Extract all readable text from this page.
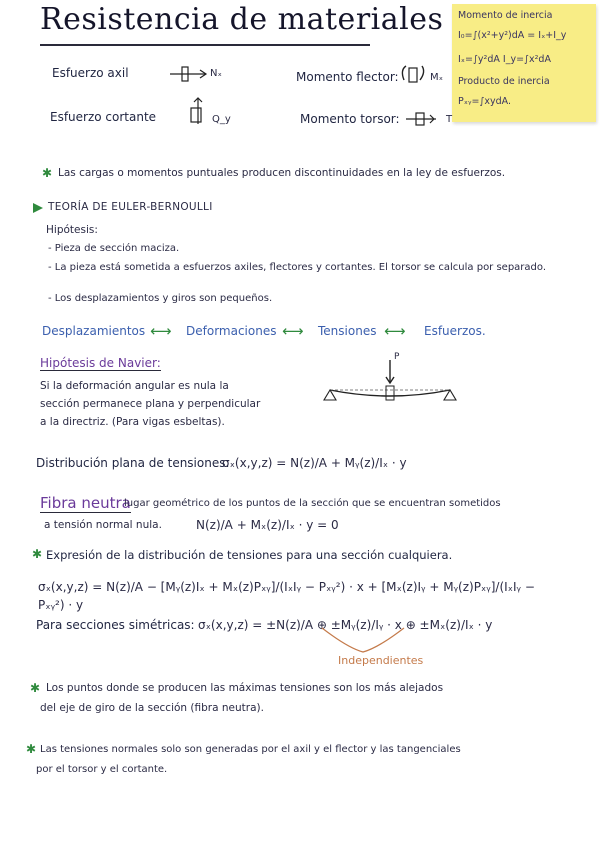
Resistencia de materiales Momento de inercia
I₀=∫(x²+y²)dA = Iₓ+I_y
Iₓ=∫y²dA I_y=∫x²dA
Producto de inercia
Pₓᵧ=∫xydA.
Esfuerzo axil	Nₓ
Esfuerzo cortante	Q_y
Momento flector:	Mₓ
Momento torsor:	T
✱ Las cargas o momentos puntuales producen discontinuidades en la ley de esfuerzos.
TEORÍA DE EULER-BERNOULLI
Hipótesis:
- Pieza de sección maciza.
- La pieza está sometida a esfuerzos axiles, flectores y cortantes. El torsor se calcula por separado.
- Los desplazamientos y giros son pequeños.
Desplazamientos ⟷ Deformaciones ⟷ Tensiones ⟷ Esfuerzos.
Hipótesis de Navier:
Si la deformación angular es nula la
sección permanece plana y perpendicular
a la directriz. (Para vigas esbeltas).
P
Distribución plana de tensiones:
σₓ(x,y,z) = N(z)/A + Mᵧ(z)/Iₓ · y
Fibra neutra
lugar geométrico de los puntos de la sección que se encuentran sometidos
a tensión normal nula.	N(z)/A + Mₓ(z)/Iₓ · y = 0
✱ Expresión de la distribución de tensiones para una sección cualquiera.
σₓ(x,y,z) = N(z)/A − [Mᵧ(z)Iₓ + Mₓ(z)Pₓᵧ]/(IₓIᵧ − Pₓᵧ²) · x + [Mₓ(z)Iᵧ + Mᵧ(z)Pₓᵧ]/(IₓIᵧ − Pₓᵧ²) · y
Para secciones simétricas: σₓ(x,y,z) = ±N(z)/A ⊕ ±Mᵧ(z)/Iᵧ · x ⊕ ±Mₓ(z)/Iₓ · y
Independientes
✱ Los puntos donde se producen las máximas tensiones son los más alejados
del eje de giro de la sección (fibra neutra).
✱ Las tensiones normales solo son generadas por el axil y el flector y las tangenciales
por el torsor y el cortante.
